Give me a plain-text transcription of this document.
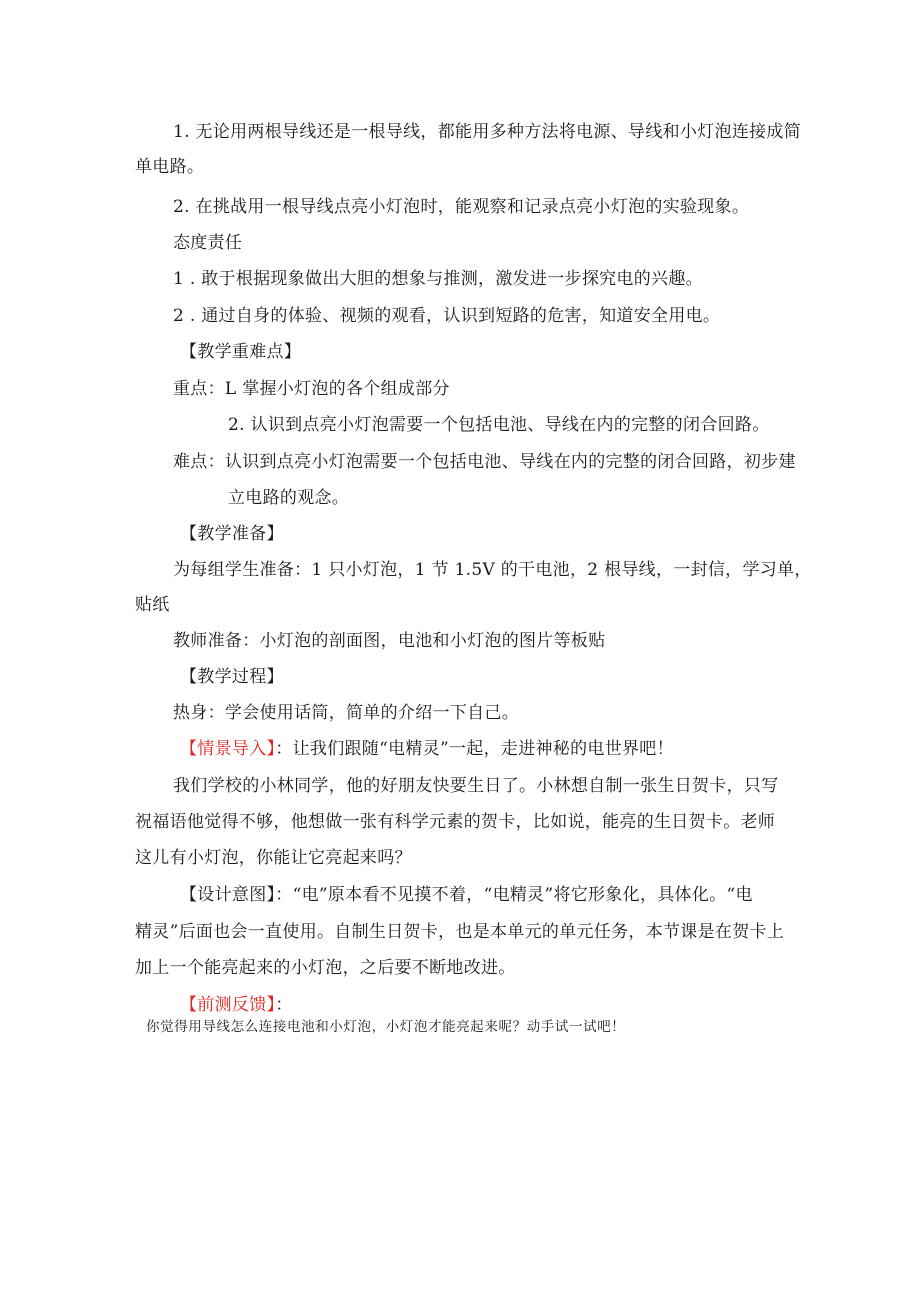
1. 无论用两根导线还是一根导线，都能用多种方法将电源、导线和小灯泡连接成简
单电路。
2. 在挑战用一根导线点亮小灯泡时，能观察和记录点亮小灯泡的实验现象。
态度责任
1 . 敢于根据现象做出大胆的想象与推测，激发进一步探究电的兴趣。
2 . 通过自身的体验、视频的观看，认识到短路的危害，知道安全用电。
【教学重难点】
重点：L 掌握小灯泡的各个组成部分
2. 认识到点亮小灯泡需要一个包括电池、导线在内的完整的闭合回路。
难点：认识到点亮小灯泡需要一个包括电池、导线在内的完整的闭合回路，初步建
立电路的观念。
【教学准备】
为每组学生准备：1 只小灯泡，1 节 1.5V 的干电池，2 根导线，一封信，学习单，
贴纸
教师准备：小灯泡的剖面图，电池和小灯泡的图片等板贴
【教学过程】
热身：学会使用话筒，简单的介绍一下自己。
【情景导入】：让我们跟随“电精灵”一起，走进神秘的电世界吧！
我们学校的小林同学，他的好朋友快要生日了。小林想自制一张生日贺卡，只写
祝福语他觉得不够，他想做一张有科学元素的贺卡，比如说，能亮的生日贺卡。老师
这儿有小灯泡，你能让它亮起来吗？
【设计意图】：“电”原本看不见摸不着，“电精灵”将它形象化，具体化。“电
精灵”后面也会一直使用。自制生日贺卡，也是本单元的单元任务，本节课是在贺卡上
加上一个能亮起来的小灯泡，之后要不断地改进。
【前测反馈】：
你觉得用导线怎么连接电池和小灯泡，小灯泡才能亮起来呢？动手试一试吧！
